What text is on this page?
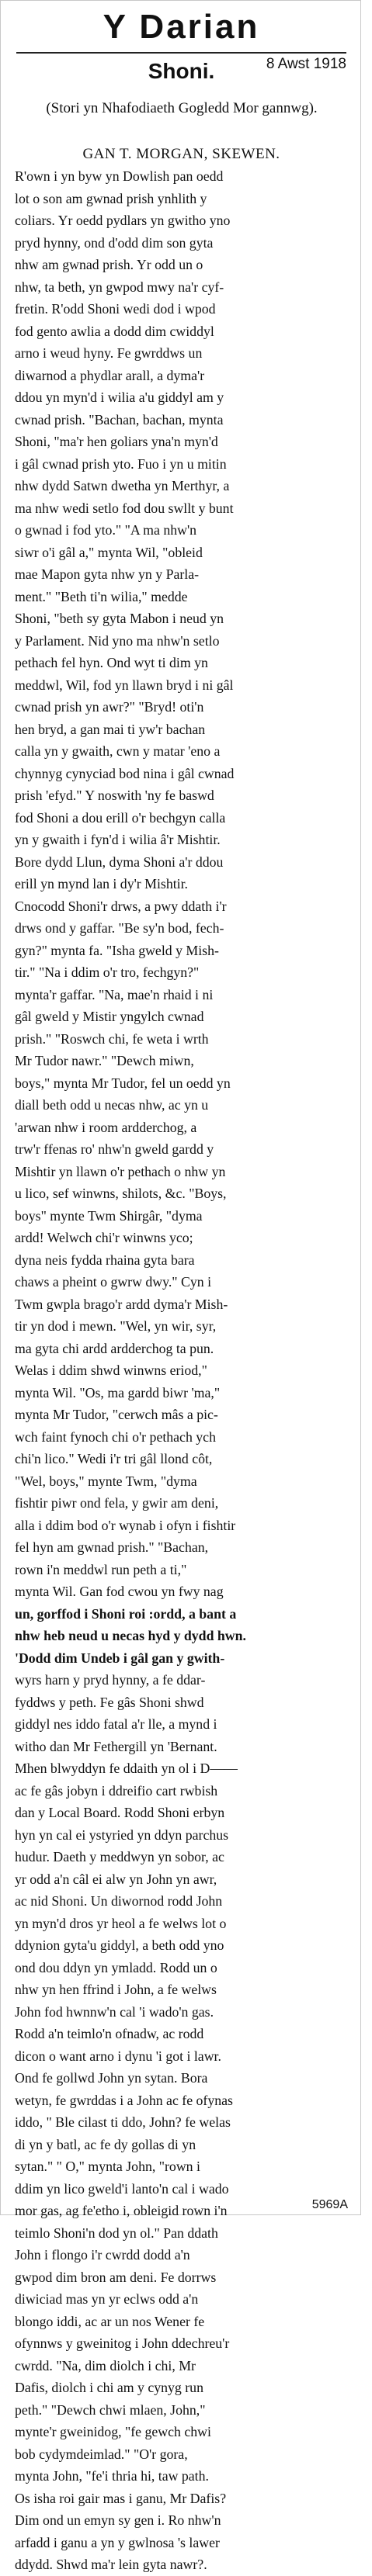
Y Darian
Shoni.	8 Awst 1918
(Stori yn Nhafodiaeth Gogledd Mor gannwg).
GAN T. MORGAN, SKEWEN.
R'own i yn byw yn Dowlish pan oedd
lot o son am gwnad prish ynhlith y
coliars. Yr oedd pydlars yn gwitho yno
pryd hynny, ond d'odd dim son gyta
nhw am gwnad prish. Yr odd un o
nhw, ta beth, yn gwpod mwy na'r cyf-
fretin. R'odd Shoni wedi dod i wpod
fod gento awlia a dodd dim cwiddyl
arno i weud hyny. Fe gwrddws un
diwarnod a phydlar arall, a dyma'r
ddou yn myn'd i wilia a'u giddyl am y
cwnad prish. "Bachan, bachan, mynta
Shoni, "ma'r hen goliars yna'n myn'd
i gâl cwnad prish yto. Fuo i yn u mitin
nhw dydd Satwn dwetha yn Merthyr, a
ma nhw wedi setlo fod dou swllt y bunt
o gwnad i fod yto." "A ma nhw'n
siwr o'i gâl a," mynta Wil, "obleid
mae Mapon gyta nhw yn y Parla-
ment." "Beth ti'n wilia," medde
Shoni, "beth sy gyta Mabon i neud yn
y Parlament. Nid yno ma nhw'n setlo
pethach fel hyn. Ond wyt ti dim yn
meddwl, Wil, fod yn llawn bryd i ni gâl
cwnad prish yn awr?" "Bryd! oti'n
hen bryd, a gan mai ti yw'r bachan
calla yn y gwaith, cwn y matar 'eno a
chynnyg cynyciad bod nina i gâl cwnad
prish 'efyd." Y noswith 'ny fe baswd
fod Shoni a dou erill o'r bechgyn calla
yn y gwaith i fyn'd i wilia â'r Mishtir.
Bore dydd Llun, dyma Shoni a'r ddou
erill yn mynd lan i dy'r Mishtir.
Cnocodd Shoni'r drws, a pwy ddath i'r
drws ond y gaffar. "Be sy'n bod, fech-
gyn?" mynta fa. "Isha gweld y Mish-
tir." "Na i ddim o'r tro, fechgyn?"
mynta'r gaffar. "Na, mae'n rhaid i ni
gâl gweld y Mistir yngylch cwnad
prish." "Roswch chi, fe weta i wrth
Mr Tudor nawr." "Dewch miwn,
boys," mynta Mr Tudor, fel un oedd yn
diall beth odd u necas nhw, ac yn u
'arwan nhw i room ardderchog, a
trw'r ffenas ro' nhw'n gweld gardd y
Mishtir yn llawn o'r pethach o nhw yn
u lico, sef winwns, shilots, &c. "Boys,
boys" mynte Twm Shirgâr, "dyma
ardd! Welwch chi'r winwns yco;
dyna neis fydda rhaina gyta bara
chaws a pheint o gwrw dwy." Cyn i
Twm gwpla brago'r ardd dyma'r Mish-
tir yn dod i mewn. "Wel, yn wir, syr,
ma gyta chi ardd ardderchog ta pun.
Welas i ddim shwd winwns eriod,"
mynta Wil. "Os, ma gardd biwr 'ma,"
mynta Mr Tudor, "cerwch mâs a pic-
wch faint fynoch chi o'r pethach ych
chi'n lico." Wedi i'r tri gâl llond côt,
"Wel, boys," mynte Twm, "dyma
fishtir piwr ond fela, y gwir am deni,
alla i ddim bod o'r wynab i ofyn i fishtir
fel hyn am gwnad prish." "Bachan,
rown i'n meddwl run peth a ti,"
mynta Wil. Gan fod cwou yn fwy nag
un, gorffod i Shoni roi :ordd, a bant a
nhw heb neud u necas hyd y dydd hwn.
'Dodd dim Undeb i gâl gan y gwith-
wyrs harn y pryd hynny, a fe ddar-
fyddws y peth. Fe gâs Shoni shwd
giddyl nes iddo fatal a'r lle, a mynd i
witho dan Mr Fethergill yn 'Bernant.
Mhen blwyddyn fe ddaith yn ol i D——
ac fe gâs jobyn i ddreifio cart rwbish
dan y Local Board. Rodd Shoni erbyn
hyn yn cal ei ystyried yn ddyn parchus
hudur. Daeth y meddwyn yn sobor, ac
yr odd a'n câl ei alw yn John yn awr,
ac nid Shoni. Un diwornod rodd John
yn myn'd dros yr heol a fe welws lot o
ddynion gyta'u giddyl, a beth odd yno
ond dou ddyn yn ymladd. Rodd un o
nhw yn hen ffrind i John, a fe welws
John fod hwnnw'n cal 'i wado'n gas.
Rodd a'n teimlo'n ofnadw, ac rodd
dicon o want arno i dynu 'i got i lawr.
Ond fe gollwd John yn sytan. Bora
wetyn, fe gwrddas i a John ac fe ofynas
iddo, " Ble cilast ti ddo, John? fe welas
di yn y batl, ac fe dy gollas di yn
sytan." " O," mynta John, "rown i
ddim yn lico gweld'i lanto'n cal i wado
mor gas, ag fe'etho i, obleigid rown i'n
teimlo Shoni'n dod yn ol." Pan ddath
John i flongo i'r cwrdd dodd a'n
gwpod dim bron am deni. Fe dorrws
diwiciad mas yn yr eclws odd a'n
blongo iddi, ac ar un nos Wener fe
ofynnws y gweinitog i John ddechreu'r
cwrdd. "Na, dim diolch i chi, Mr
Dafis, diolch i chi am y cynyg run
peth." "Dewch chwi mlaen, John,"
mynte'r gweinidog, "fe gewch chwi
bob cydymdeimlad." "O'r gora,
mynta John, "fe'i thria hi, taw path.
Os isha roi gair mas i ganu, Mr Dafis?
Dim ond un emyn sy gen i. Ro nhw'n
arfadd i ganu a yn y gwlnosa 's lawer
ddydd. Shwd ma'r lein gyta nawr?.
5969A
